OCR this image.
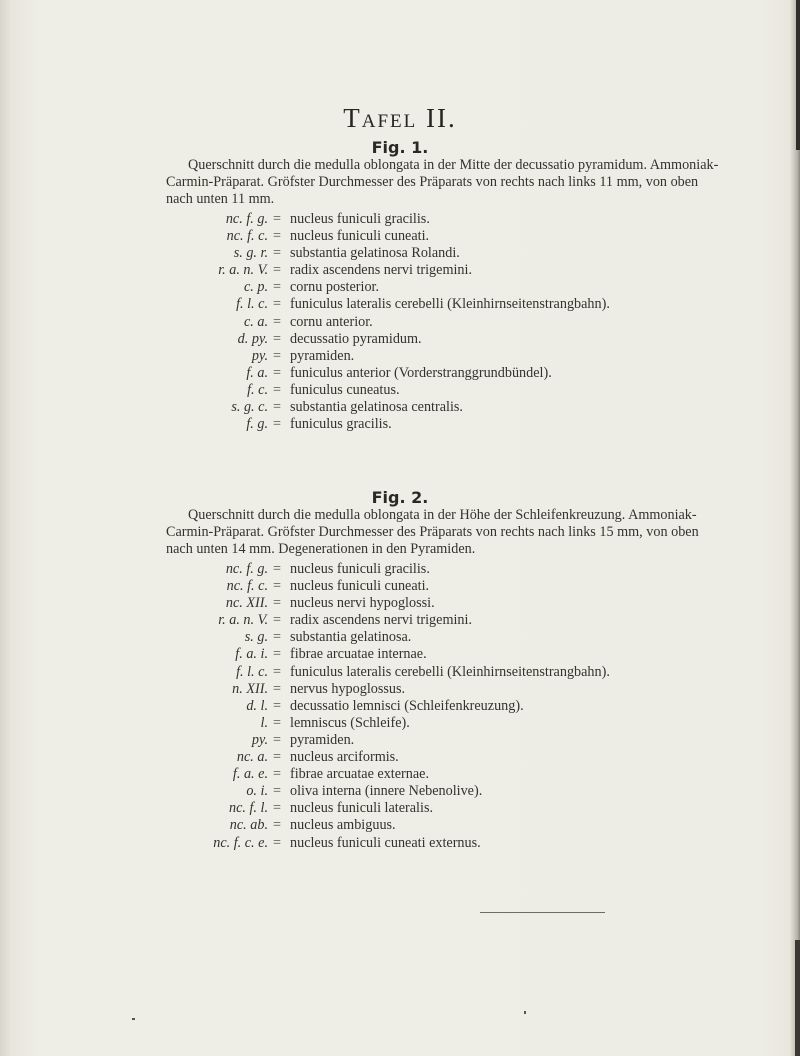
Tafel II.
Fig. 1.
Querschnitt durch die medulla oblongata in der Mitte der decussatio pyramidum. Ammoniak-
Carmin-Präparat. Gröfster Durchmesser des Präparats von rechts nach links 11 mm, von oben
nach unten 11 mm.
nc. f. g. = nucleus funiculi gracilis.
nc. f. c. = nucleus funiculi cuneati.
s. g. r. = substantia gelatinosa Rolandi.
r. a. n. V. = radix ascendens nervi trigemini.
c. p. = cornu posterior.
f. l. c. = funiculus lateralis cerebelli (Kleinhirnseitenstrangbahn).
c. a. = cornu anterior.
d. py. = decussatio pyramidum.
py. = pyramiden.
f. a. = funiculus anterior (Vorderstranggrundbündel).
f. c. = funiculus cuneatus.
s. g. c. = substantia gelatinosa centralis.
f. g. = funiculus gracilis.
Fig. 2.
Querschnitt durch die medulla oblongata in der Höhe der Schleifenkreuzung. Ammoniak-
Carmin-Präparat. Gröfster Durchmesser des Präparats von rechts nach links 15 mm, von oben
nach unten 14 mm. Degenerationen in den Pyramiden.
nc. f. g. = nucleus funiculi gracilis.
nc. f. c. = nucleus funiculi cuneati.
nc. XII. = nucleus nervi hypoglossi.
r. a. n. V. = radix ascendens nervi trigemini.
s. g. = substantia gelatinosa.
f. a. i. = fibrae arcuatae internae.
f. l. c. = funiculus lateralis cerebelli (Kleinhirnseitenstrangbahn).
n. XII. = nervus hypoglossus.
d. l. = decussatio lemnisci (Schleifenkreuzung).
l. = lemniscus (Schleife).
py. = pyramiden.
nc. a. = nucleus arciformis.
f. a. e. = fibrae arcuatae externae.
o. i. = oliva interna (innere Nebenolive).
nc. f. l. = nucleus funiculi lateralis.
nc. ab. = nucleus ambiguus.
nc. f. c. e. = nucleus funiculi cuneati externus.
